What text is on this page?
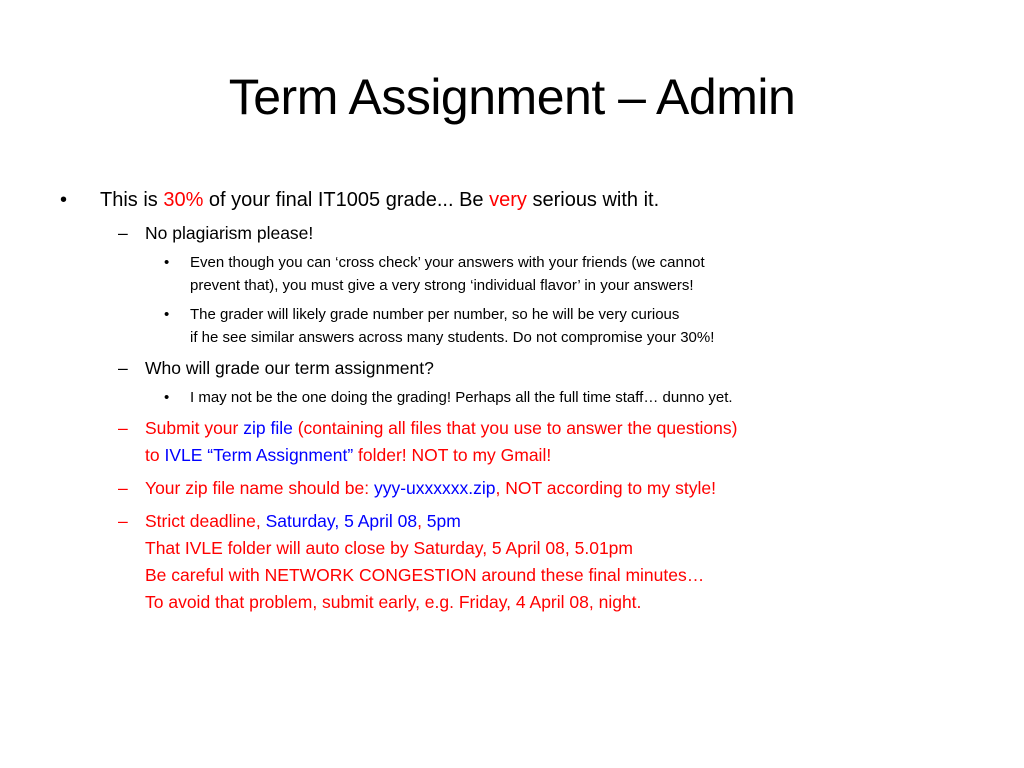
Term Assignment – Admin
• This is 30% of your final IT1005 grade... Be very serious with it.
– No plagiarism please!
• Even though you can ‘cross check’ your answers with your friends (we cannot
prevent that), you must give a very strong ‘individual flavor’ in your answers!
• The grader will likely grade number per number, so he will be very curious
if he see similar answers across many students. Do not compromise your 30%!
– Who will grade our term assignment?
• I may not be the one doing the grading! Perhaps all the full time staff… dunno yet.
– Submit your zip file (containing all files that you use to answer the questions)
to IVLE “Term Assignment” folder! NOT to my Gmail!
– Your zip file name should be: yyy-uxxxxxx.zip, NOT according to my style!
– Strict deadline, Saturday, 5 April 08, 5pm
That IVLE folder will auto close by Saturday, 5 April 08, 5.01pm
Be careful with NETWORK CONGESTION around these final minutes…
To avoid that problem, submit early, e.g. Friday, 4 April 08, night.
